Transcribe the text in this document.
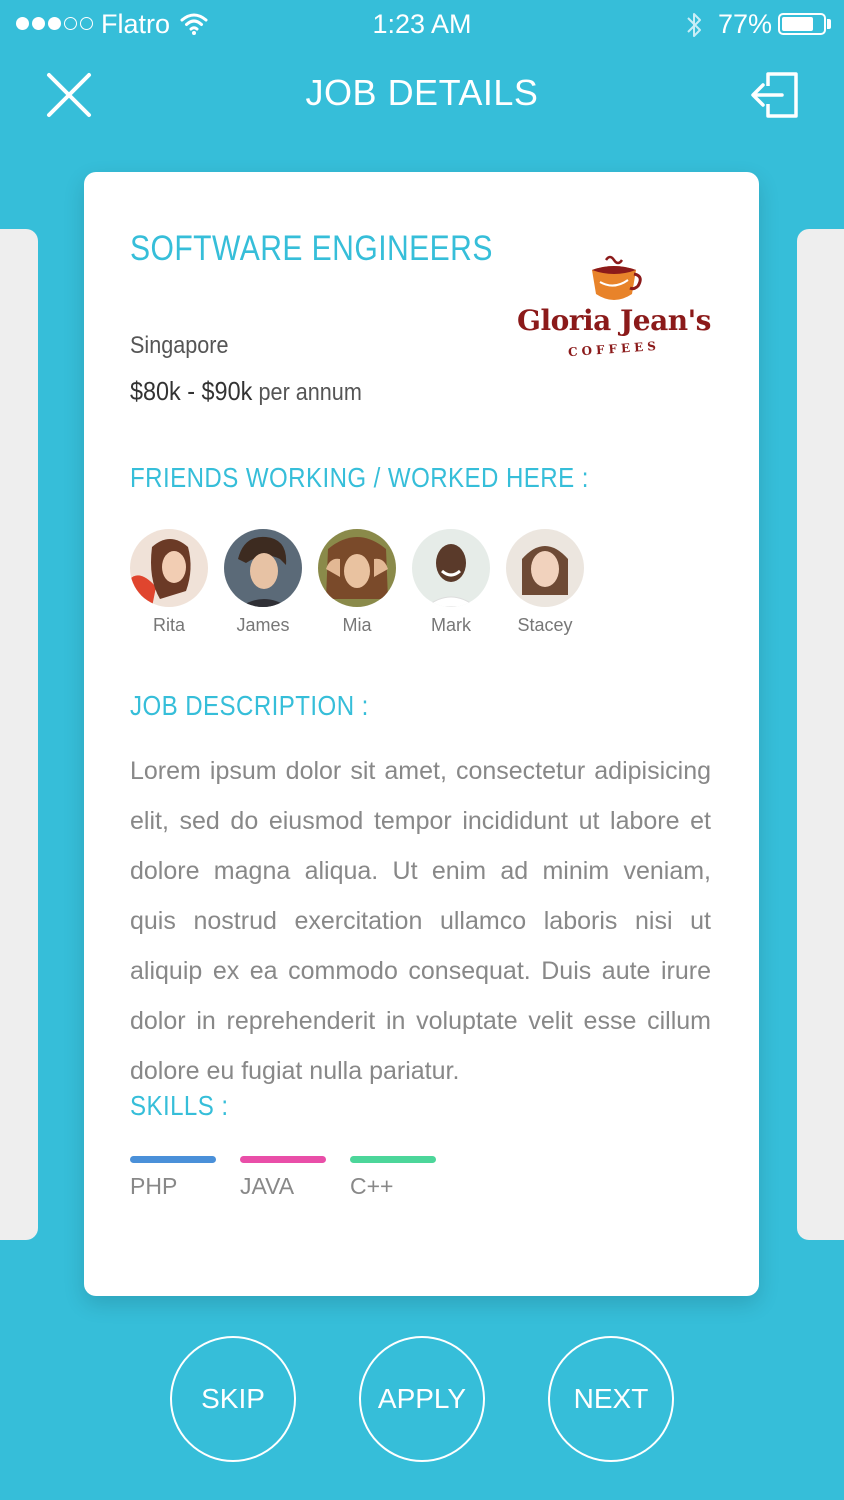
Flatro	1:23 AM	77%
JOB DETAILS
SOFTWARE ENGINEERS
Singapore
$80k - $90k per annum
Gloria Jean's
COFFEES
FRIENDS WORKING / WORKED HERE :
Rita	James	Mia	Mark	Stacey
JOB DESCRIPTION :
Lorem ipsum dolor sit amet, consectetur adipisicing elit, sed do eiusmod tempor incididunt ut labore et dolore magna aliqua. Ut enim ad minim veniam, quis nostrud exercitation ullamco laboris nisi ut aliquip ex ea commodo consequat. Duis aute irure dolor in reprehenderit in voluptate velit esse cillum dolore eu fugiat nulla pariatur.
SKILLS :
PHP	JAVA	C++
SKIP	APPLY	NEXT
